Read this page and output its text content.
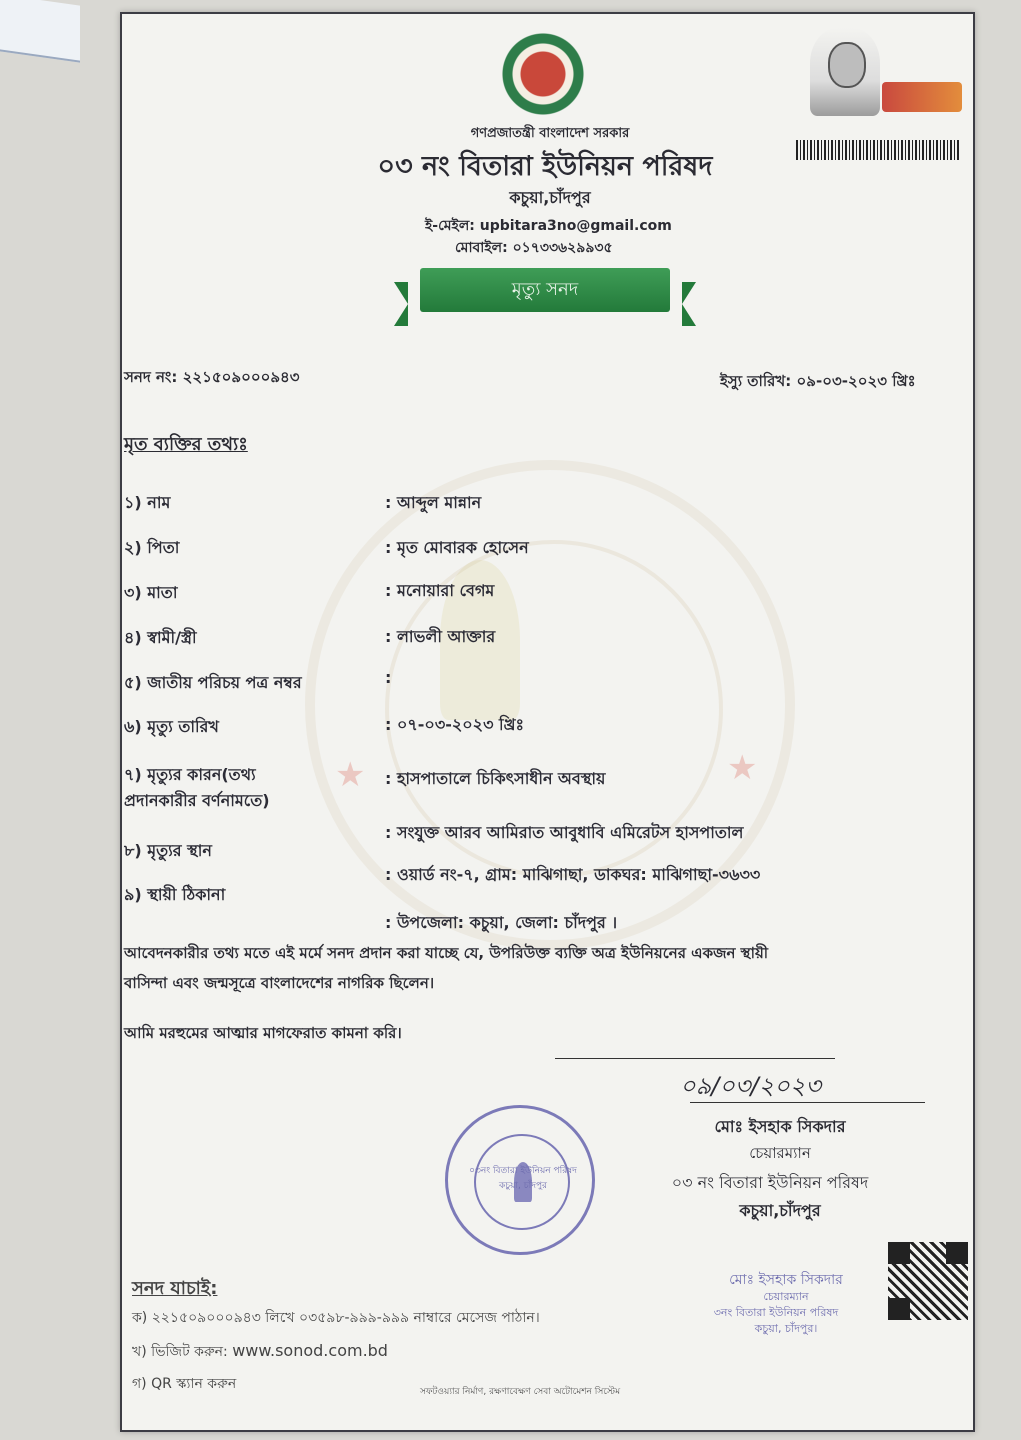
গণপ্রজাতন্ত্রী বাংলাদেশ সরকার
০৩ নং বিতারা ইউনিয়ন পরিষদ
কচুয়া,চাঁদপুর
ই-মেইল: upbitara3no@gmail.com
মোবাইল: ০১৭৩৩৬২৯৯৩৫
মৃত্যু সনদ
সনদ নং: ২২১৫০৯০০০৯৪৩	ইস্যু তারিখ: ০৯-০৩-২০২৩ খ্রিঃ
★	★
মৃত ব্যক্তির তথ্যঃ
১) নাম	: আব্দুল মান্নান
২) পিতা	: মৃত মোবারক হোসেন
৩) মাতা	: মনোয়ারা বেগম
৪) স্বামী/স্ত্রী	: লাভলী আক্তার
৫) জাতীয় পরিচয় পত্র নম্বর	:
৬) মৃত্যু তারিখ	: ০৭-০৩-২০২৩ খ্রিঃ
৭) মৃত্যুর কারন(তথ্য
প্রদানকারীর বর্ণনামতে)
: হাসপাতালে চিকিৎসাধীন অবস্থায়
৮) মৃত্যুর স্থান
: সংযুক্ত আরব আমিরাত আবুধাবি এমিরেটস হাসপাতাল
৯) স্থায়ী ঠিকানা
: ওয়ার্ড নং-৭, গ্রাম: মাঝিগাছা, ডাকঘর: মাঝিগাছা-৩৬৩৩
: উপজেলা: কচুয়া, জেলা: চাঁদপুর ।
আবেদনকারীর তথ্য মতে এই মর্মে সনদ প্রদান করা যাচ্ছে যে, উপরিউক্ত ব্যক্তি অত্র ইউনিয়নের একজন স্থায়ী
বাসিন্দা এবং জন্মসূত্রে বাংলাদেশের নাগরিক ছিলেন।
আমি মরহুমের আত্মার মাগফেরাত কামনা করি।
০৯/০৩/২০২৩
মোঃ ইসহাক সিকদার
চেয়ারম্যান
০৩ নং বিতারা ইউনিয়ন পরিষদ
কচুয়া,চাঁদপুর
০৩নং বিতারা ইউনিয়ন পরিষদ কচুয়া, চাঁদপুর
মোঃ ইসহাক সিকদার
চেয়ারম্যান
৩নং বিতারা ইউনিয়ন পরিষদ
কচুয়া, চাঁদপুর।
সনদ যাচাই:
ক) ২২১৫০৯০০০৯৪৩ লিখে ০৩৫৯৮-৯৯৯-৯৯৯ নাম্বারে মেসেজ পাঠান।
খ) ভিজিট করুন: www.sonod.com.bd
গ) QR স্ক্যান করুন	সফটওয়্যার নির্মাণ, রক্ষণাবেক্ষণ সেবা অটোমেশন সিস্টেম
